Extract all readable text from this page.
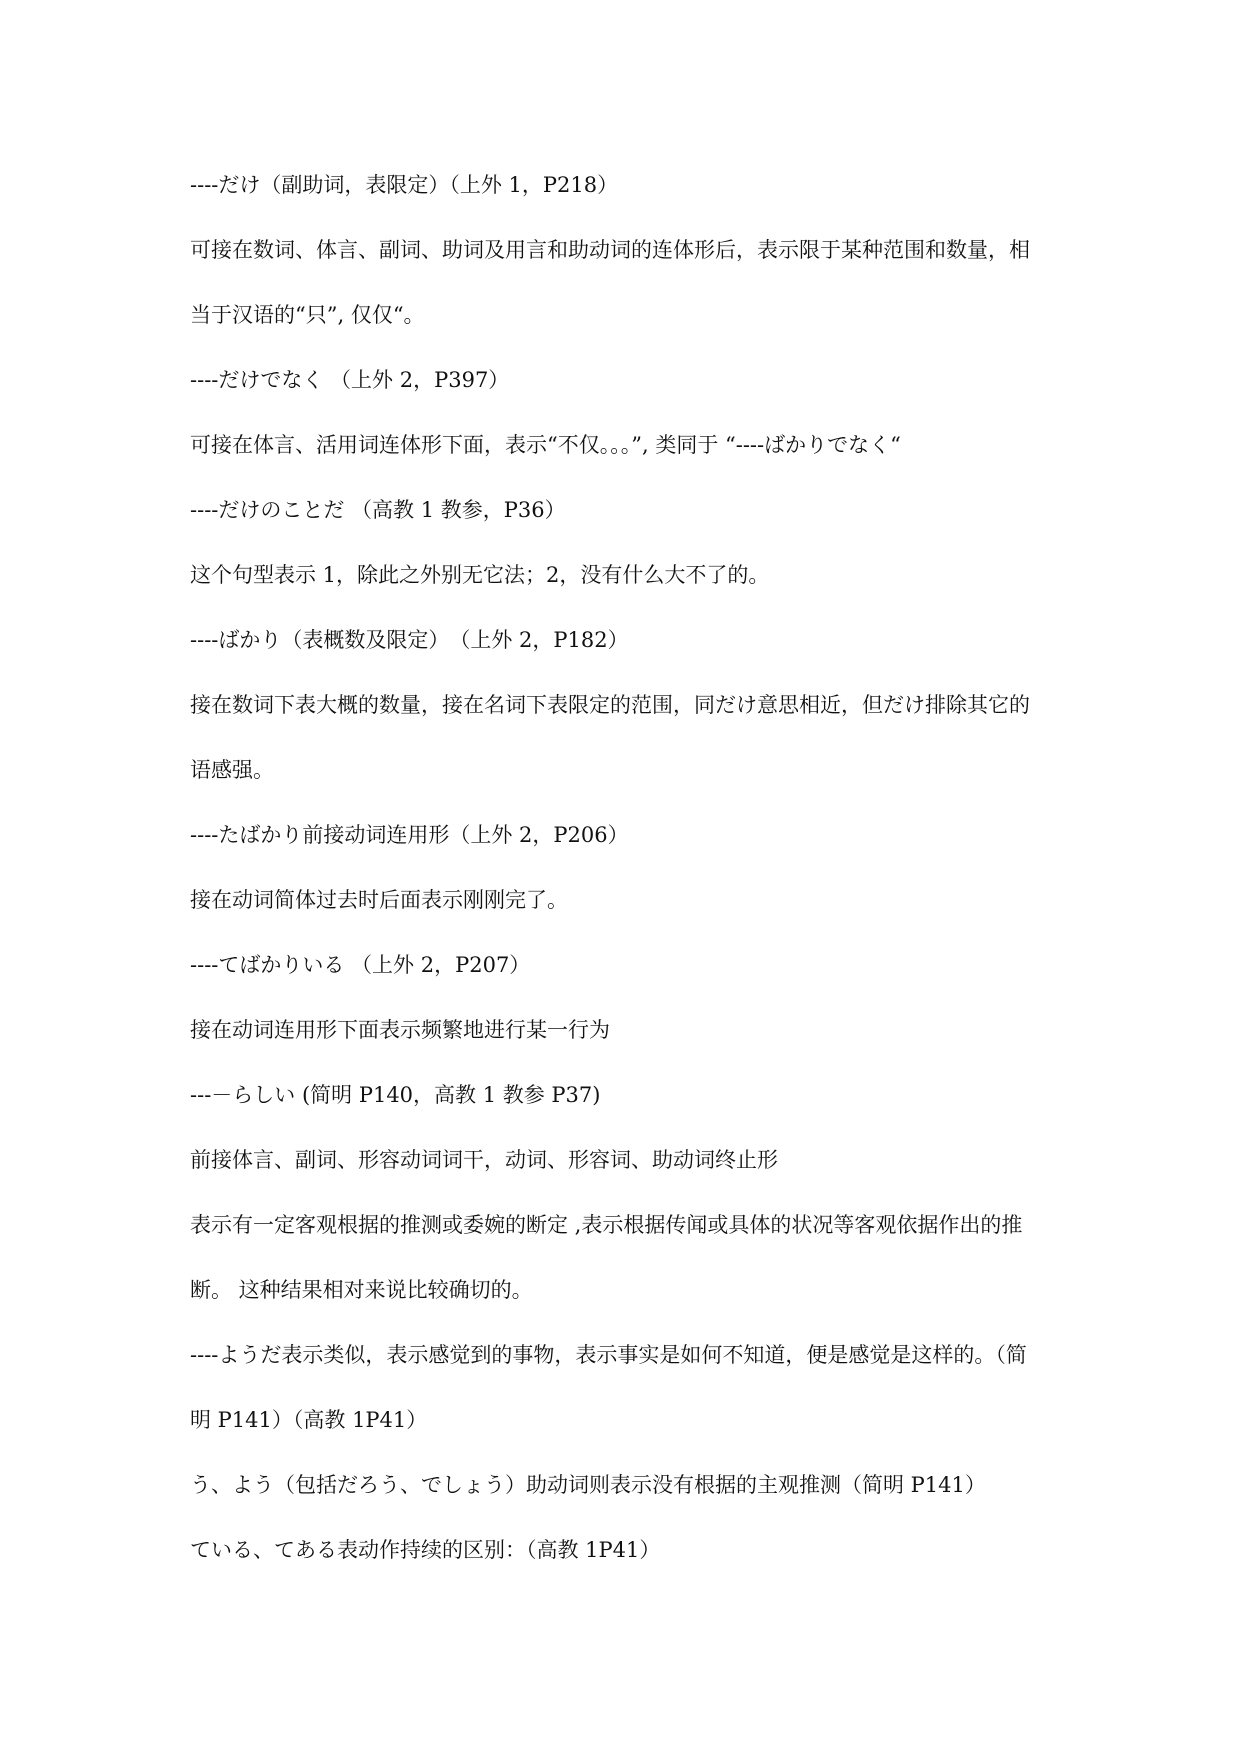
----だけ（副助词，表限定）（上外 1，P218）
可接在数词、体言、副词、助词及用言和助动词的连体形后，表示限于某种范围和数量，相
当于汉语的“只”, 仅仅“。
----だけでなく （上外 2，P397）
可接在体言、活用词连体形下面，表示“不仅。。。”, 类同于 “----ばかりでなく“
----だけのことだ （高教 1 教参，P36）
这个句型表示 1，除此之外别无它法；2，没有什么大不了的。
----ばかり（表概数及限定）　（上外 2，P182）
接在数词下表大概的数量，接在名词下表限定的范围，同だけ意思相近，但だけ排除其它的
语感强。
----たばかり前接动词连用形（上外 2，P206）
接在动词简体过去时后面表示刚刚完了。
----てばかりいる （上外 2，P207）
接在动词连用形下面表示频繁地进行某一行为
---－らしい (简明 P140，高教 1 教参 P37)
前接体言、副词、形容动词词干，动词、形容词、助动词终止形
表示有一定客观根据的推测或委婉的断定 ,表示根据传闻或具体的状况等客观依据作出的推
断。 这种结果相对来说比较确切的。
----ようだ表示类似，表示感觉到的事物，表示事实是如何不知道，便是感觉是这样的。（简
明 P141）（高教 1P41）
う、よう（包括だろう、でしょう）助动词则表示没有根据的主观推测（简明 P141）
ている、てある表动作持续的区别：（高教 1P41）
